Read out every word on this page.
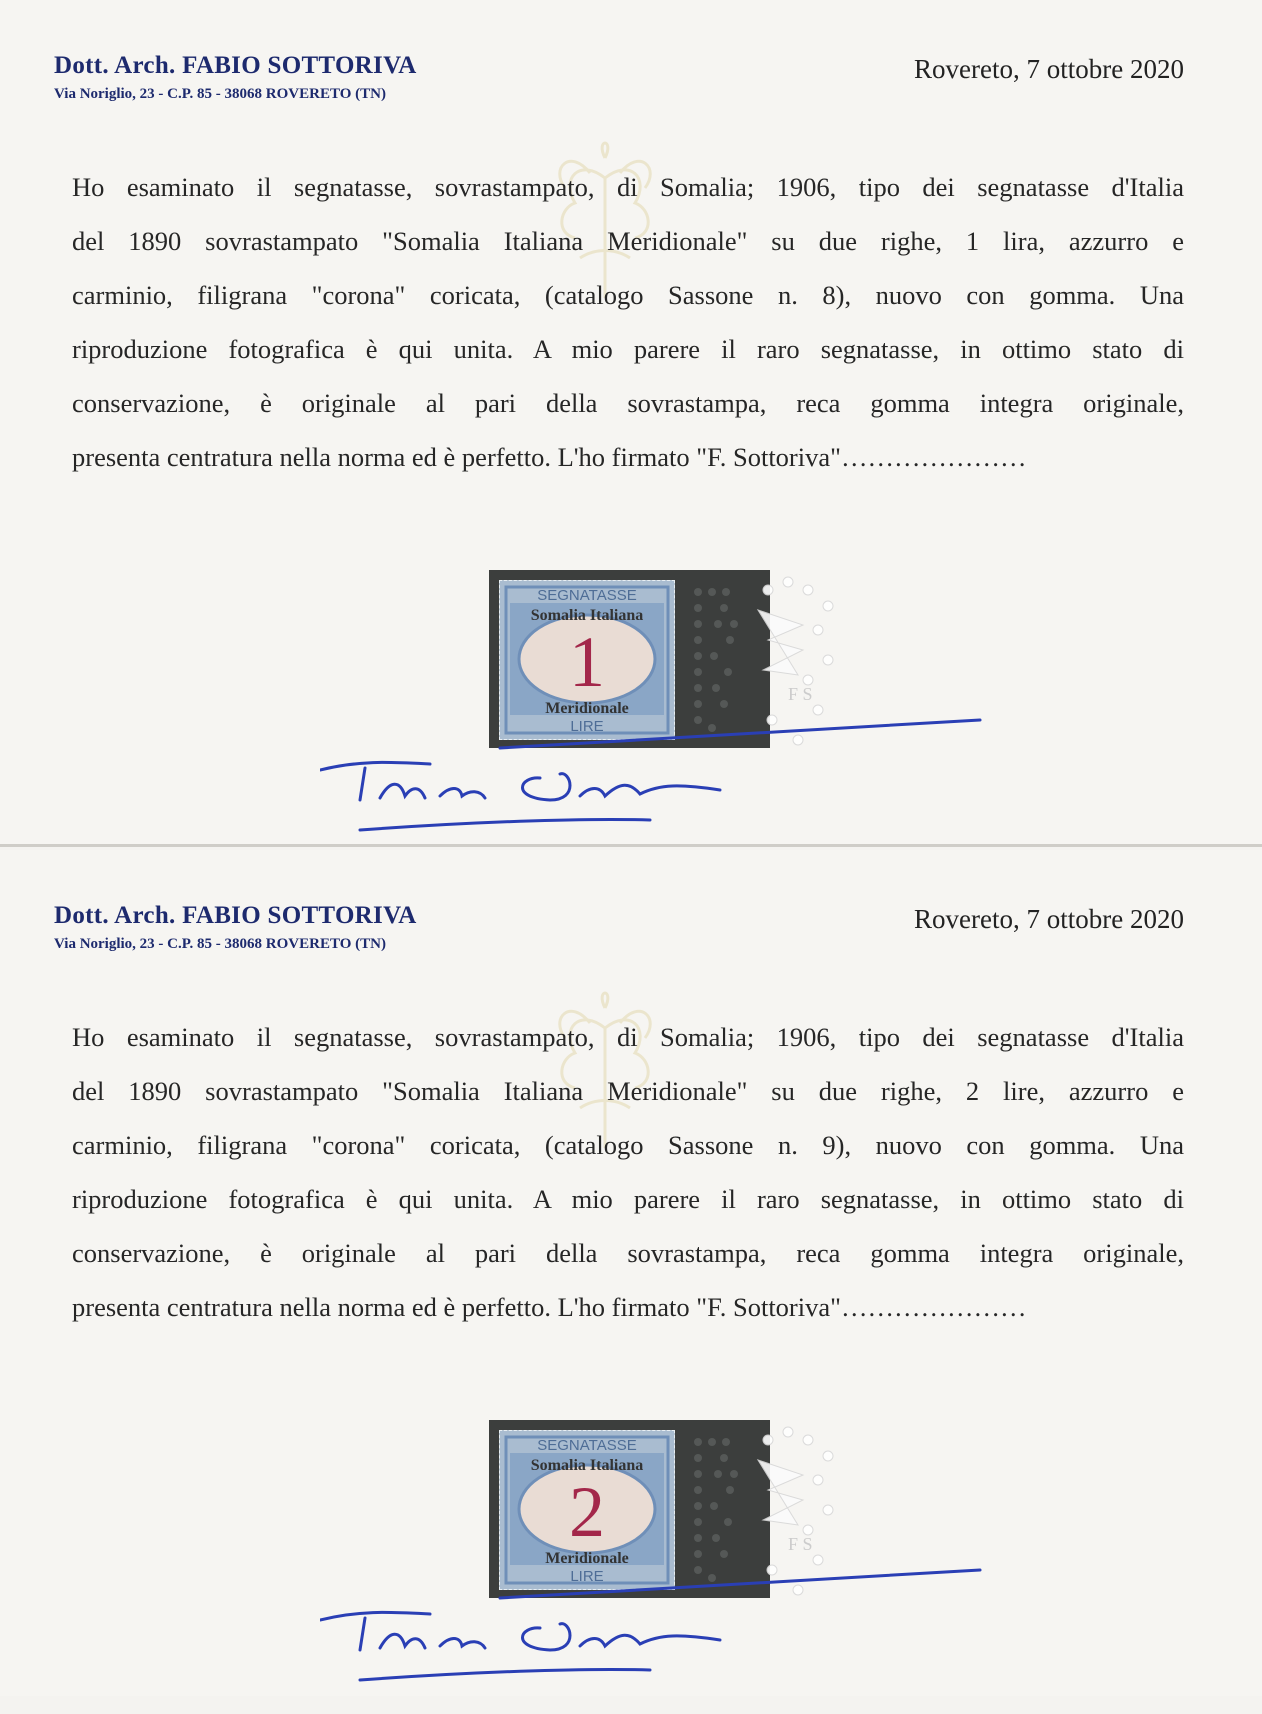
Dott. Arch. FABIO SOTTORIVA
Via Noriglio, 23 - C.P. 85 - 38068 ROVERETO (TN)
Rovereto, 7 ottobre 2020
Ho esaminato il segnatasse, sovrastampato, di Somalia; 1906, tipo dei segnatasse d'Italia
del 1890 sovrastampato "Somalia Italiana Meridionale" su due righe, 1 lira, azzurro e
carminio, filigrana "corona" coricata, (catalogo Sassone n. 8), nuovo con gomma. Una
riproduzione fotografica è qui unita. A mio parere il raro segnatasse, in ottimo stato di
conservazione, è originale al pari della sovrastampa, reca gomma integra originale,
presenta centratura nella norma ed è perfetto. L'ho firmato "F. Sottoriva"…………………
SEGNATASSE
Somalia Italiana
1
Meridionale
LIRE
F S
Fabio Sottoriva
Dott. Arch. FABIO SOTTORIVA
Via Noriglio, 23 - C.P. 85 - 38068 ROVERETO (TN)
Rovereto, 7 ottobre 2020
Ho esaminato il segnatasse, sovrastampato, di Somalia; 1906, tipo dei segnatasse d'Italia
del 1890 sovrastampato "Somalia Italiana Meridionale" su due righe, 2 lire, azzurro e
carminio, filigrana "corona" coricata, (catalogo Sassone n. 9), nuovo con gomma. Una
riproduzione fotografica è qui unita. A mio parere il raro segnatasse, in ottimo stato di
conservazione, è originale al pari della sovrastampa, reca gomma integra originale,
presenta centratura nella norma ed è perfetto. L'ho firmato "F. Sottoriva"…………………
SEGNATASSE
Somalia Italiana
2
Meridionale
LIRE
F S
Fabio Sottoriva
